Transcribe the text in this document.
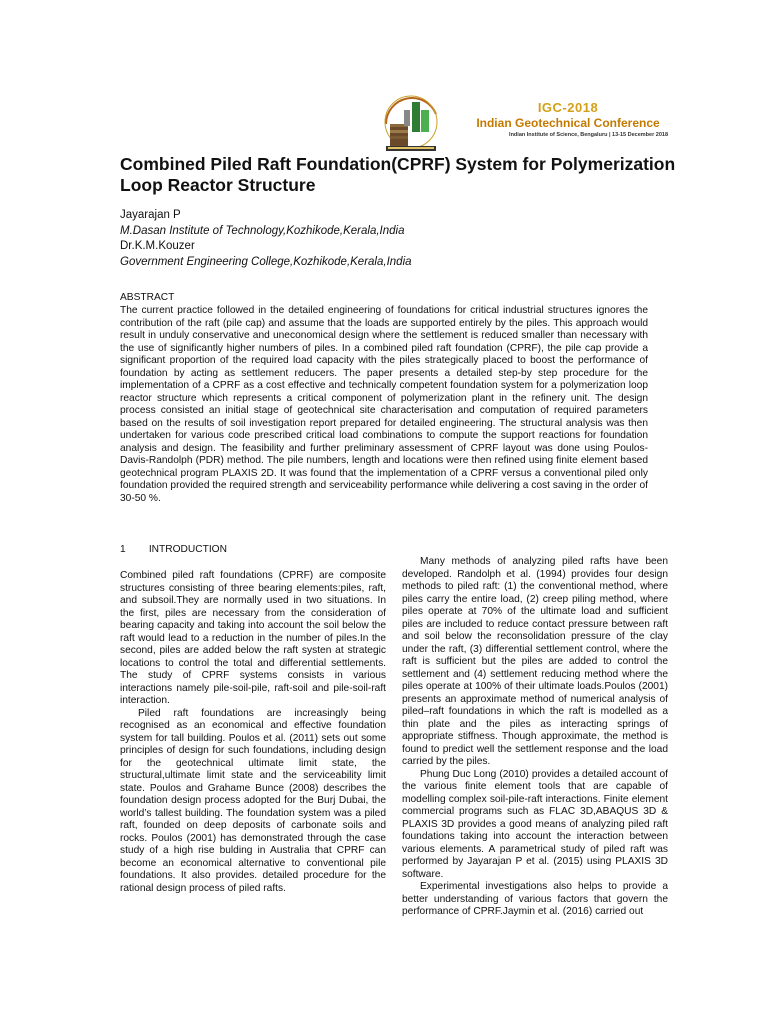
IGC-2018
Indian Geotechnical Conference
Indian Institute of Science, Bengaluru | 13-15 December 2018
Combined Piled Raft Foundation(CPRF) System for Polymerization Loop Reactor Structure
Jayarajan P
M.Dasan Institute of Technology,Kozhikode,Kerala,India
Dr.K.M.Kouzer
Government Engineering College,Kozhikode,Kerala,India
ABSTRACT
The current practice followed in the detailed engineering of foundations for critical industrial structures ignores the contribution of the raft (pile cap) and assume that the loads are supported entirely by the piles. This approach would result in unduly conservative and uneconomical design where the settlement is reduced smaller than necessary with the use of significantly higher numbers of piles. In a combined piled raft foundation (CPRF), the pile cap provide a significant proportion of the required load capacity with the piles strategically placed to boost the performance of foundation by acting as settlement reducers. The paper presents a detailed step-by step procedure for the implementation of a CPRF as a cost effective and technically competent foundation system for a polymerization loop reactor structure which represents a critical component of polymerization plant in the refinery unit. The design process consisted an initial stage of geotechnical site characterisation and computation of required parameters based on the results of soil investigation report prepared for detailed engineering. The structural analysis was then undertaken for various code prescribed critical load combinations to compute the support reactions for foundation analysis and design. The feasibility and further preliminary assessment of CPRF layout was done using Poulos-Davis-Randolph (PDR) method. The pile numbers, length and locations were then refined using finite element based geotechnical program PLAXIS 2D. It was found that the implementation of a CPRF versus a conventional piled only foundation provided the required strength and serviceability performance while delivering a cost saving in the order of 30-50 %.
1 INTRODUCTION

Combined piled raft foundations (CPRF) are composite structures consisting of three bearing elements:piles, raft, and subsoil.They are normally used in two situations. In the first, piles are necessary from the consideration of bearing capacity and taking into account the soil below the raft would lead to a reduction in the number of piles.In the second, piles are added below the raft systen at strategic locations to control the total and differential settlements. The study of CPRF systems consists in various interactions namely pile-soil-pile, raft-soil and pile-soil-raft interaction.

Piled raft foundations are increasingly being recognised as an economical and effective foundation system for tall building. Poulos et al. (2011) sets out some principles of design for such foundations, including design for the geotechnical ultimate limit state, the structural,ultimate limit state and the serviceability limit state. Poulos and Grahame Bunce (2008) describes the foundation design process adopted for the Burj Dubai, the world’s tallest building. The foundation system was a piled raft, founded on deep deposits of carbonate soils and rocks. Poulos (2001) has demonstrated through the case study of a high rise bulding in Australia that CPRF can become an economical alternative to conventional pile foundations. It also provides. detailed procedure for the rational design process of piled rafts.

Many methods of analyzing piled rafts have been developed. Randolph et al. (1994) provides four design methods to piled raft: (1) the conventional method, where piles carry the entire load, (2) creep piling method, where piles operate at 70% of the ultimate load and sufficient piles are included to reduce contact pressure between raft and soil below the reconsolidation pressure of the clay under the raft, (3) differential settlement control, where the raft is sufficient but the piles are added to control the settlement and (4) settlement reducing method where the piles operate at 100% of their ultimate loads.Poulos (2001) presents an approximate method of numerical analysis of piled–raft foundations in which the raft is modelled as a thin plate and the piles as interacting springs of appropriate stiffness. Though approximate, the method is found to predict well the settlement response and the load carried by the piles.

Phung Duc Long (2010) provides a detailed account of the various finite element tools that are capable of modelling complex soil-pile-raft interactions. Finite element commercial programs such as FLAC 3D,ABAQUS 3D & PLAXIS 3D provides a good means of analyzing piled raft foundations taking into account the interaction between various elements. A parametrical study of piled raft was performed by Jayarajan P et al. (2015) using PLAXIS 3D software.

Experimental investigations also helps to provide a better understanding of various factors that govern the performance of CPRF.Jaymin et al. (2016) carried out
